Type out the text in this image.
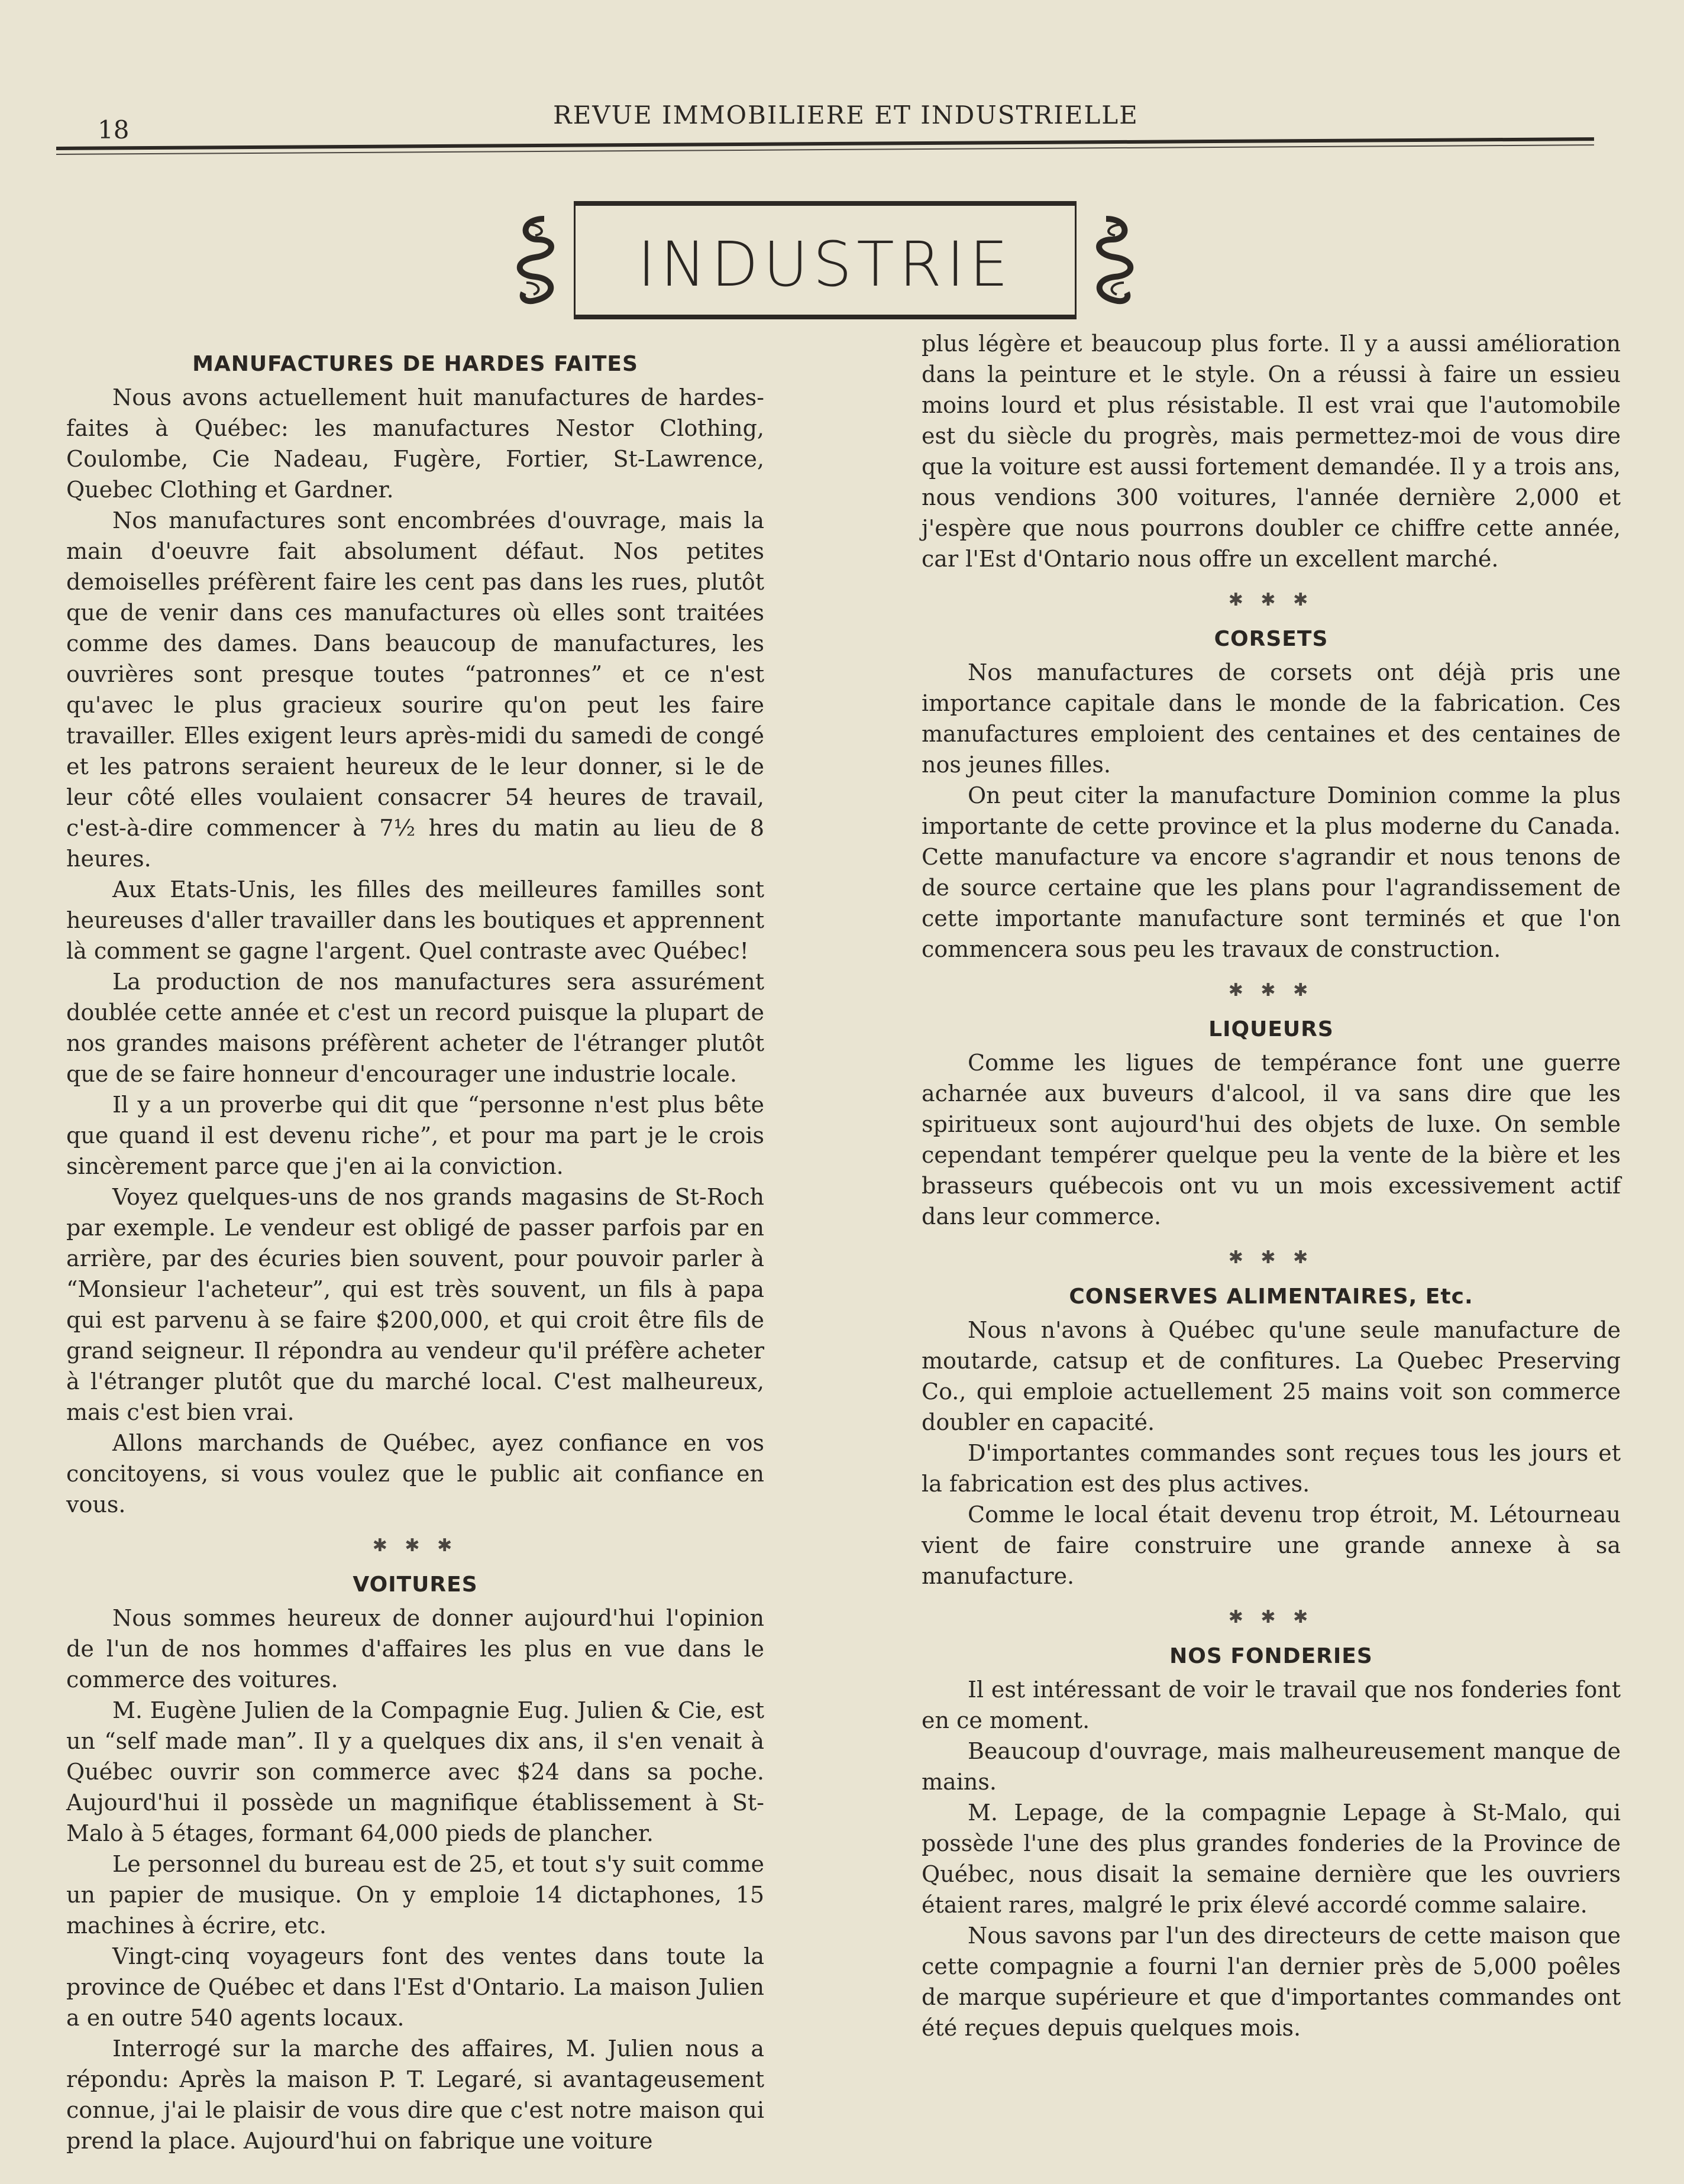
18
REVUE IMMOBILIERE ET INDUSTRIELLE
INDUSTRIE
MANUFACTURES DE HARDES FAITES

Nous avons actuellement huit manufactures de hardes-faites à Québec: les manufactures Nestor Clothing, Coulombe, Cie Nadeau, Fugère, Fortier, St-Lawrence, Quebec Clothing et Gardner.

Nos manufactures sont encombrées d'ouvrage, mais la main d'oeuvre fait absolument défaut. Nos petites demoiselles préfèrent faire les cent pas dans les rues, plutôt que de venir dans ces manufactures où elles sont traitées comme des dames. Dans beaucoup de manufactures, les ouvrières sont presque toutes “patronnes” et ce n'est qu'avec le plus gracieux sourire qu'on peut les faire travailler. Elles exigent leurs après-midi du samedi de congé et les patrons seraient heureux de le leur donner, si le de leur côté elles voulaient consacrer 54 heures de travail, c'est-à-dire commencer à 7½ hres du matin au lieu de 8 heures.

Aux Etats-Unis, les filles des meilleures familles sont heureuses d'aller travailler dans les boutiques et apprennent là comment se gagne l'argent. Quel contraste avec Québec!

La production de nos manufactures sera assurément doublée cette année et c'est un record puisque la plupart de nos grandes maisons préfèrent acheter de l'étranger plutôt que de se faire honneur d'encourager une industrie locale.

Il y a un proverbe qui dit que “personne n'est plus bête que quand il est devenu riche”, et pour ma part je le crois sincèrement parce que j'en ai la conviction.

Voyez quelques-uns de nos grands magasins de St-Roch par exemple. Le vendeur est obligé de passer parfois par en arrière, par des écuries bien souvent, pour pouvoir parler à “Monsieur l'acheteur”, qui est très souvent, un fils à papa qui est parvenu à se faire $200,000, et qui croit être fils de grand seigneur. Il répondra au vendeur qu'il préfère acheter à l'étranger plutôt que du marché local. C'est malheureux, mais c'est bien vrai.

Allons marchands de Québec, ayez confiance en vos concitoyens, si vous voulez que le public ait confiance en vous.

✱ ✱ ✱
VOITURES

Nous sommes heureux de donner aujourd'hui l'opinion de l'un de nos hommes d'affaires les plus en vue dans le commerce des voitures.

M. Eugène Julien de la Compagnie Eug. Julien & Cie, est un “self made man”. Il y a quelques dix ans, il s'en venait à Québec ouvrir son commerce avec $24 dans sa poche. Aujourd'hui il possède un magnifique établissement à St-Malo à 5 étages, formant 64,000 pieds de plancher.

Le personnel du bureau est de 25, et tout s'y suit comme un papier de musique. On y emploie 14 dictaphones, 15 machines à écrire, etc.

Vingt-cinq voyageurs font des ventes dans toute la province de Québec et dans l'Est d'Ontario. La maison Julien a en outre 540 agents locaux.

Interrogé sur la marche des affaires, M. Julien nous a répondu: Après la maison P. T. Legaré, si avantageusement connue, j'ai le plaisir de vous dire que c'est notre maison qui prend la place. Aujourd'hui on fabrique une voiture

plus légère et beaucoup plus forte. Il y a aussi amélioration dans la peinture et le style. On a réussi à faire un essieu moins lourd et plus résistable. Il est vrai que l'automobile est du siècle du progrès, mais permettez-moi de vous dire que la voiture est aussi fortement demandée. Il y a trois ans, nous vendions 300 voitures, l'année dernière 2,000 et j'espère que nous pourrons doubler ce chiffre cette année, car l'Est d'Ontario nous offre un excellent marché.

✱ ✱ ✱
CORSETS

Nos manufactures de corsets ont déjà pris une importance capitale dans le monde de la fabrication. Ces manufactures emploient des centaines et des centaines de nos jeunes filles.

On peut citer la manufacture Dominion comme la plus importante de cette province et la plus moderne du Canada. Cette manufacture va encore s'agrandir et nous tenons de de source certaine que les plans pour l'agrandissement de cette importante manufacture sont terminés et que l'on commencera sous peu les travaux de construction.

✱ ✱ ✱
LIQUEURS

Comme les ligues de tempérance font une guerre acharnée aux buveurs d'alcool, il va sans dire que les spiritueux sont aujourd'hui des objets de luxe. On semble cependant tempérer quelque peu la vente de la bière et les brasseurs québecois ont vu un mois excessivement actif dans leur commerce.

✱ ✱ ✱
CONSERVES ALIMENTAIRES, Etc.

Nous n'avons à Québec qu'une seule manufacture de moutarde, catsup et de confitures. La Quebec Preserving Co., qui emploie actuellement 25 mains voit son commerce doubler en capacité.

D'importantes commandes sont reçues tous les jours et la fabrication est des plus actives.

Comme le local était devenu trop étroit, M. Létourneau vient de faire construire une grande annexe à sa manufacture.

✱ ✱ ✱
NOS FONDERIES

Il est intéressant de voir le travail que nos fonderies font en ce moment.

Beaucoup d'ouvrage, mais malheureusement manque de mains.

M. Lepage, de la compagnie Lepage à St-Malo, qui possède l'une des plus grandes fonderies de la Province de Québec, nous disait la semaine dernière que les ouvriers étaient rares, malgré le prix élevé accordé comme salaire.

Nous savons par l'un des directeurs de cette maison que cette compagnie a fourni l'an dernier près de 5,000 poêles de marque supérieure et que d'importantes commandes ont été reçues depuis quelques mois.
